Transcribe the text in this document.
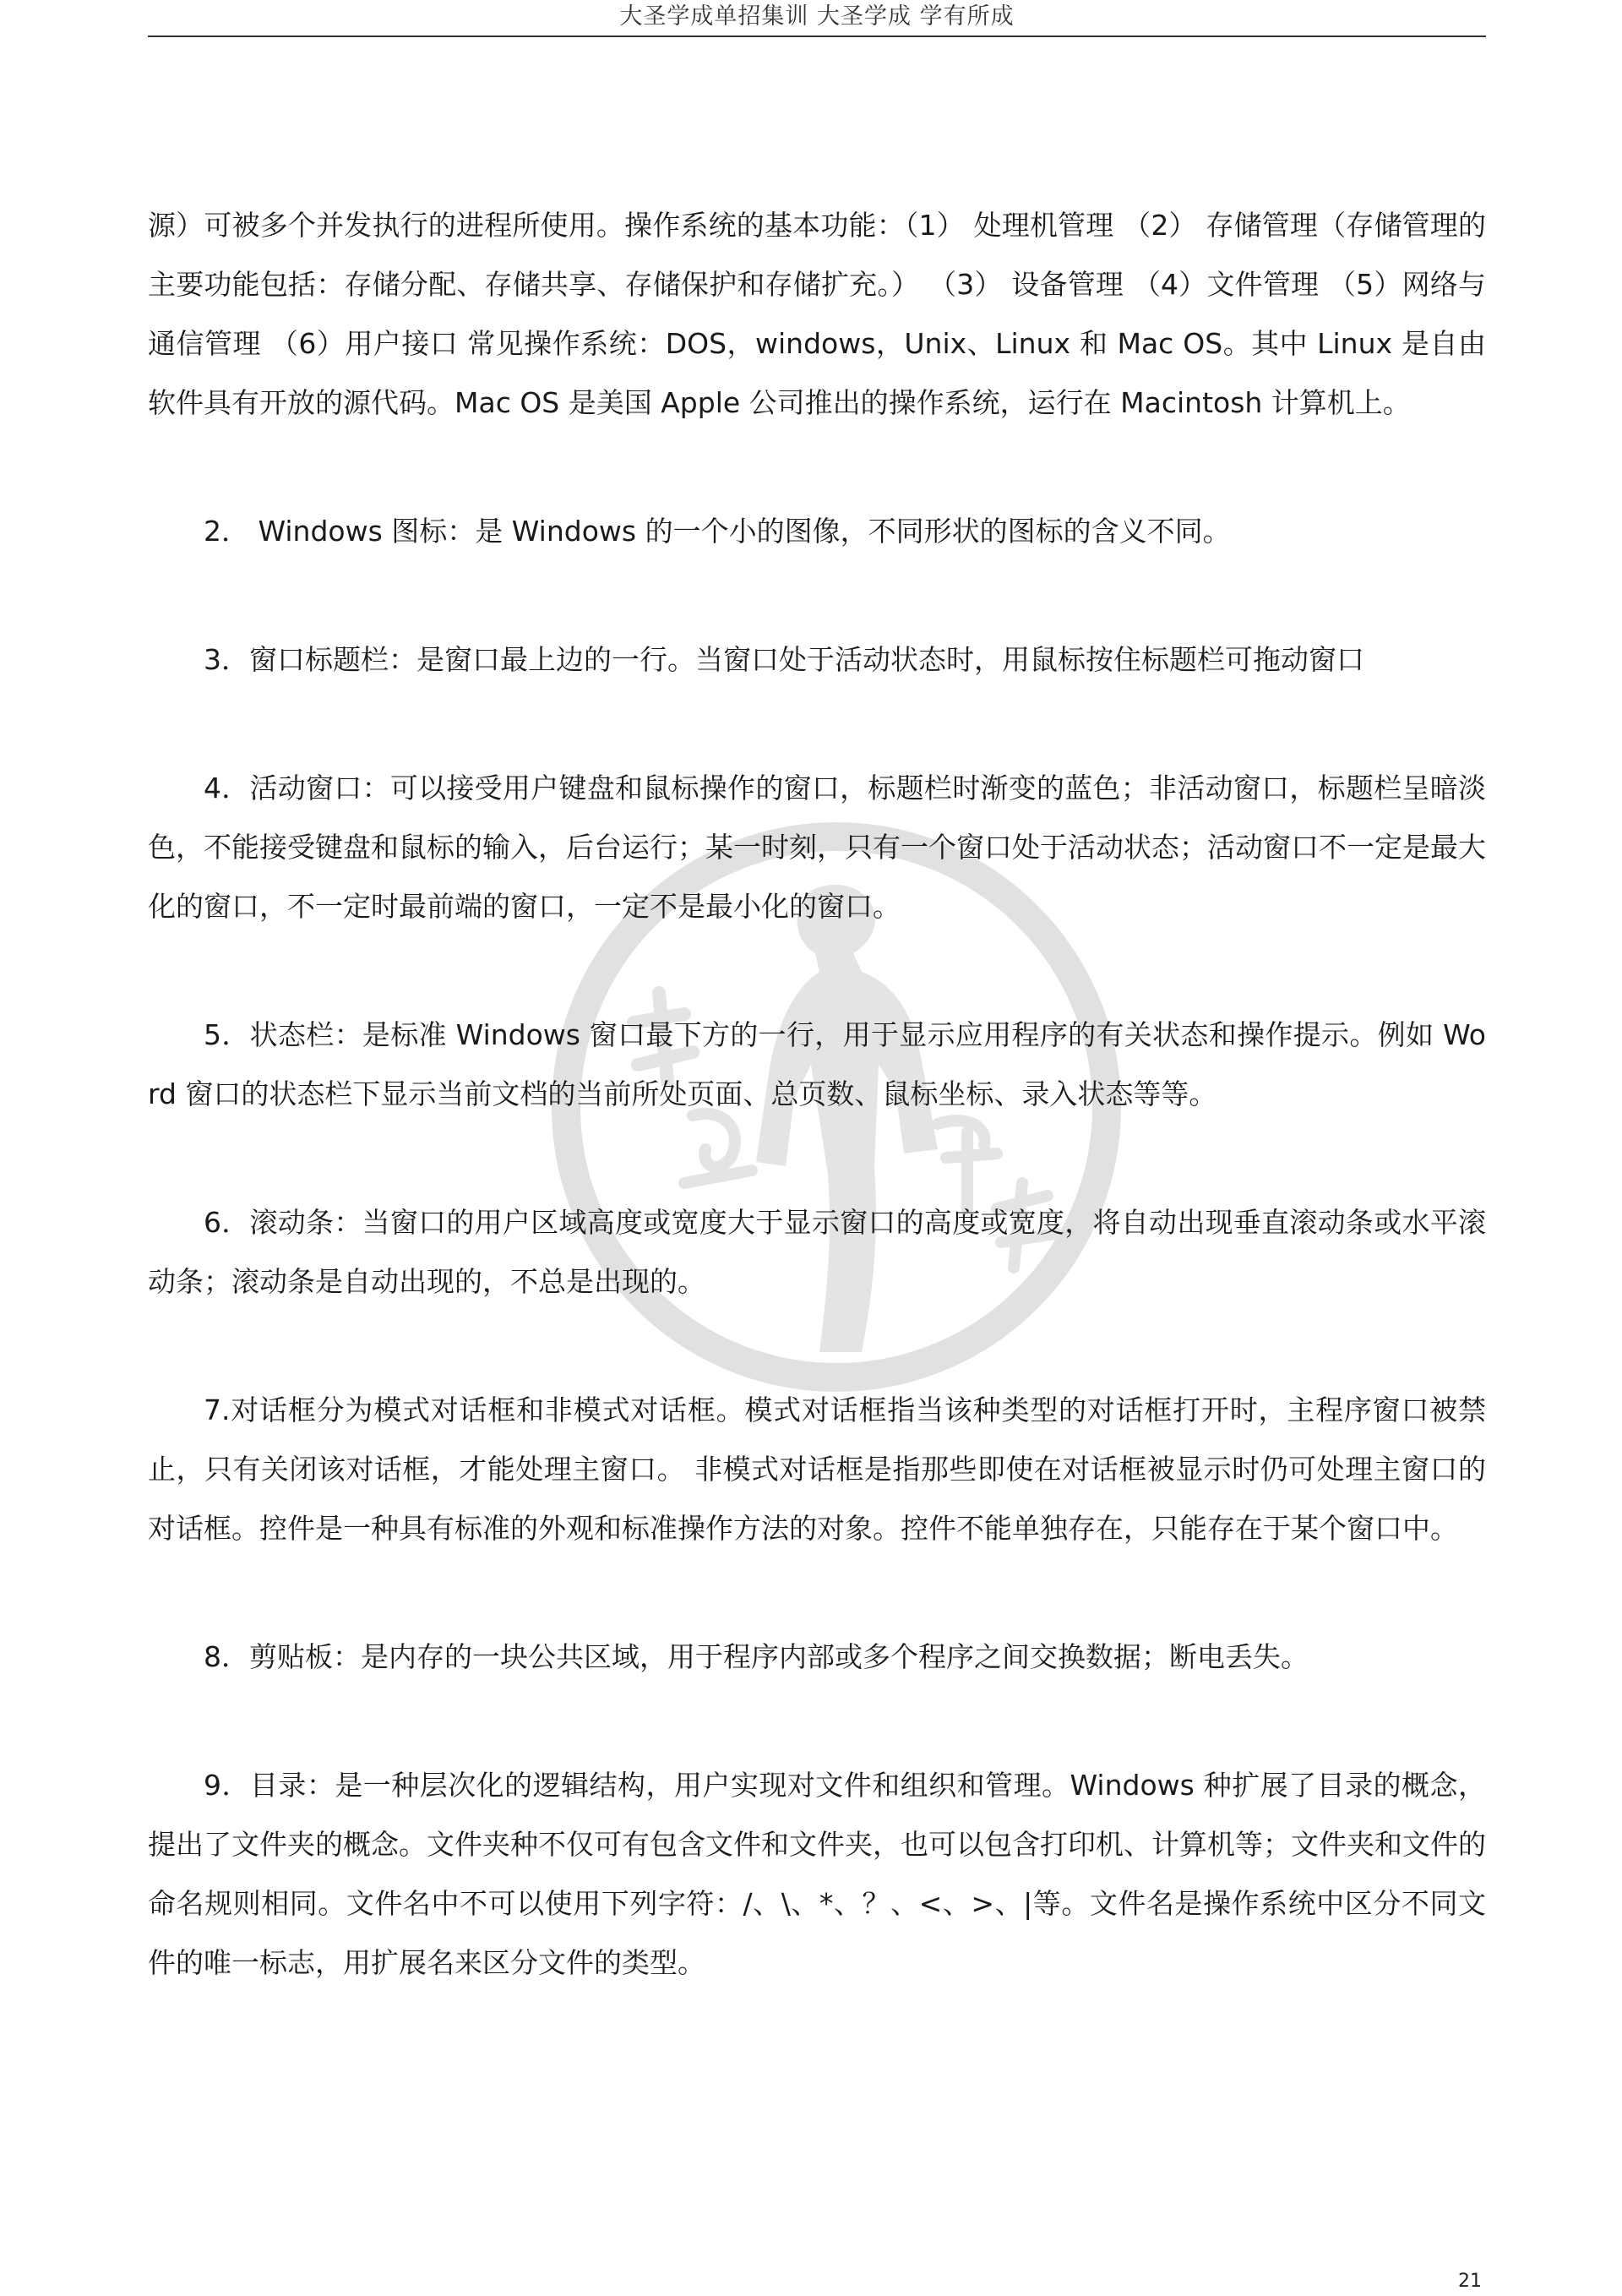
大圣学成单招集训 大圣学成 学有所成

源）可被多个并发执行的进程所使用。操作系统的基本功能：（1） 处理机管理 （2） 存储管理（存储管理的主要功能包括：存储分配、存储共享、存储保护和存储扩充。） （3） 设备管理 （4）文件管理 （5）网络与通信管理 （6）用户接口 常见操作系统：DOS，windows，Unix、Linux 和 Mac OS。其中 Linux 是自由软件具有开放的源代码。Mac OS 是美国 Apple 公司推出的操作系统，运行在 Macintosh 计算机上。

2． Windows 图标：是 Windows 的一个小的图像，不同形状的图标的含义不同。

3．窗口标题栏：是窗口最上边的一行。当窗口处于活动状态时，用鼠标按住标题栏可拖动窗口

4．活动窗口：可以接受用户键盘和鼠标操作的窗口，标题栏时渐变的蓝色；非活动窗口，标题栏呈暗淡色，不能接受键盘和鼠标的输入，后台运行；某一时刻，只有一个窗口处于活动状态；活动窗口不一定是最大化的窗口，不一定时最前端的窗口，一定不是最小化的窗口。

5．状态栏：是标准 Windows 窗口最下方的一行，用于显示应用程序的有关状态和操作提示。例如 Word 窗口的状态栏下显示当前文档的当前所处页面、总页数、鼠标坐标、录入状态等等。

6．滚动条：当窗口的用户区域高度或宽度大于显示窗口的高度或宽度，将自动出现垂直滚动条或水平滚动条；滚动条是自动出现的，不总是出现的。

7.对话框分为模式对话框和非模式对话框。模式对话框指当该种类型的对话框打开时，主程序窗口被禁止，只有关闭该对话框，才能处理主窗口。 非模式对话框是指那些即使在对话框被显示时仍可处理主窗口的对话框。控件是一种具有标准的外观和标准操作方法的对象。控件不能单独存在，只能存在于某个窗口中。

8．剪贴板：是内存的一块公共区域，用于程序内部或多个程序之间交换数据；断电丢失。

9．目录：是一种层次化的逻辑结构，用户实现对文件和组织和管理。Windows 种扩展了目录的概念，提出了文件夹的概念。文件夹种不仅可有包含文件和文件夹，也可以包含打印机、计算机等；文件夹和文件的命名规则相同。文件名中不可以使用下列字符：/、\、*、？、<、>、|等。文件名是操作系统中区分不同文件的唯一标志，用扩展名来区分文件的类型。

21
